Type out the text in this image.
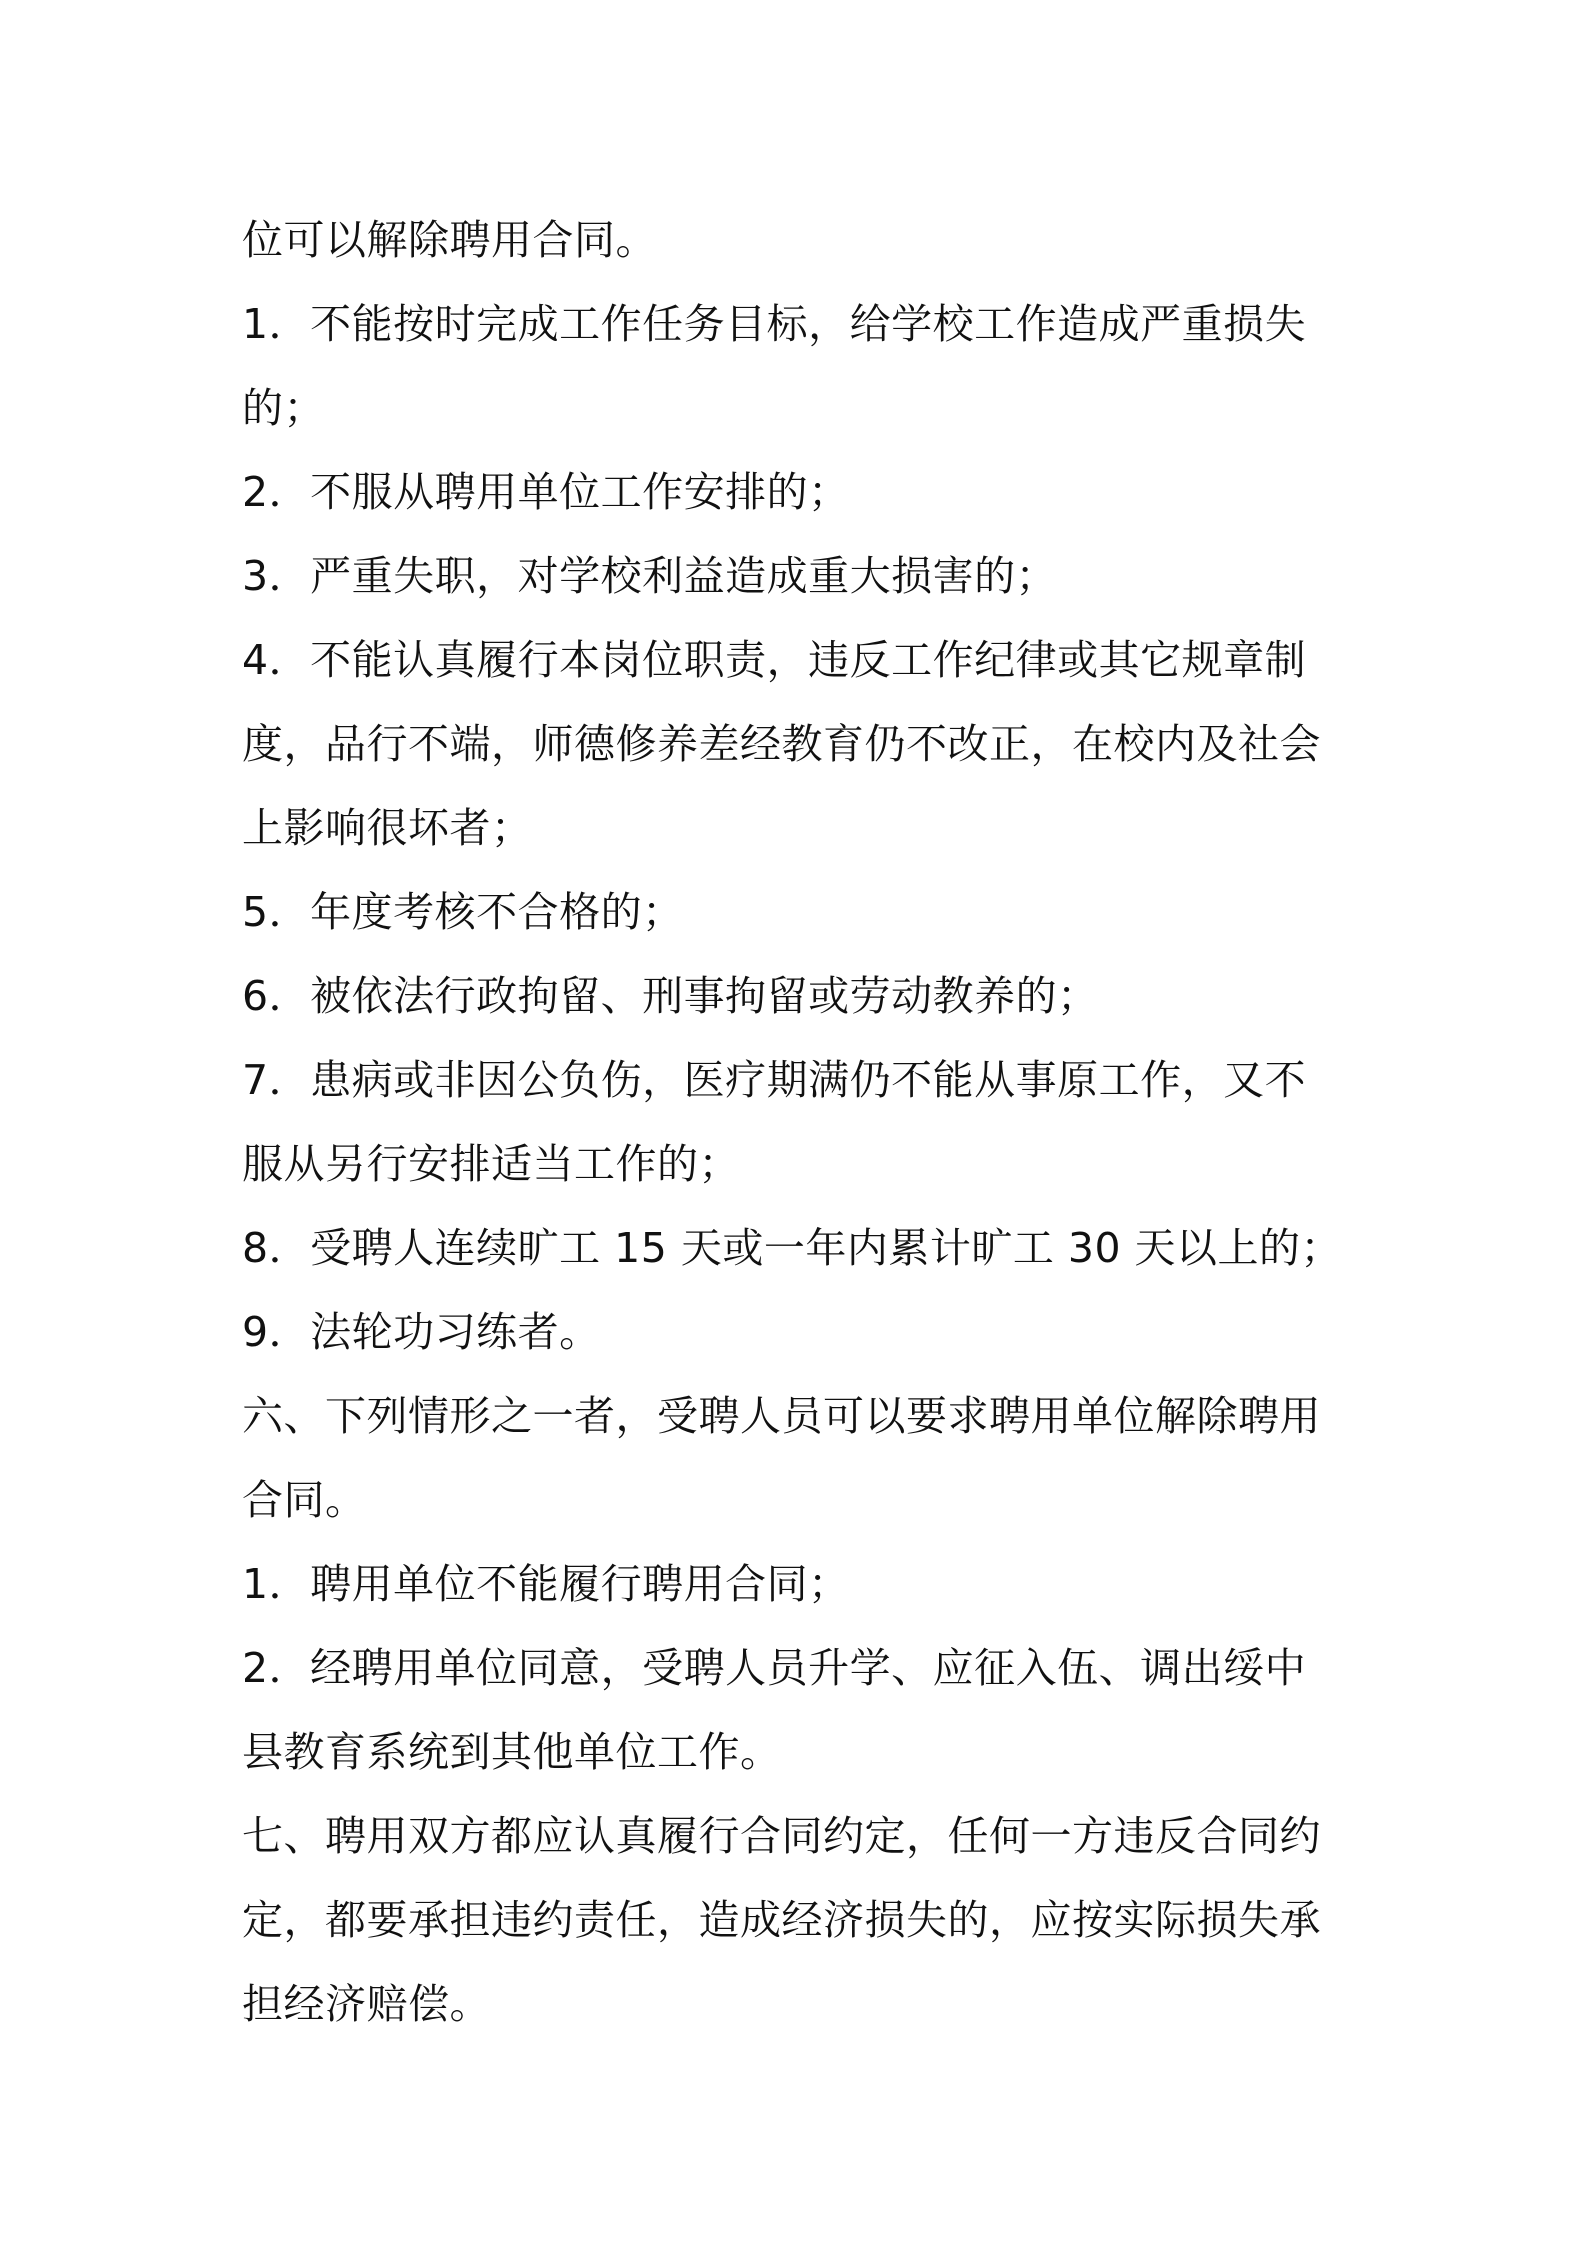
位可以解除聘用合同。
1．不能按时完成工作任务目标，给学校工作造成严重损失
的；
2．不服从聘用单位工作安排的；
3．严重失职，对学校利益造成重大损害的；
4．不能认真履行本岗位职责，违反工作纪律或其它规章制
度，品行不端，师德修养差经教育仍不改正，在校内及社会
上影响很坏者；
5．年度考核不合格的；
6．被依法行政拘留、刑事拘留或劳动教养的；
7．患病或非因公负伤，医疗期满仍不能从事原工作，又不
服从另行安排适当工作的；
8．受聘人连续旷工 15 天或一年内累计旷工 30 天以上的；
9．法轮功习练者。
六、下列情形之一者，受聘人员可以要求聘用单位解除聘用
合同。
1．聘用单位不能履行聘用合同；
2．经聘用单位同意，受聘人员升学、应征入伍、调出绥中
县教育系统到其他单位工作。
七、聘用双方都应认真履行合同约定，任何一方违反合同约
定，都要承担违约责任，造成经济损失的，应按实际损失承
担经济赔偿。
